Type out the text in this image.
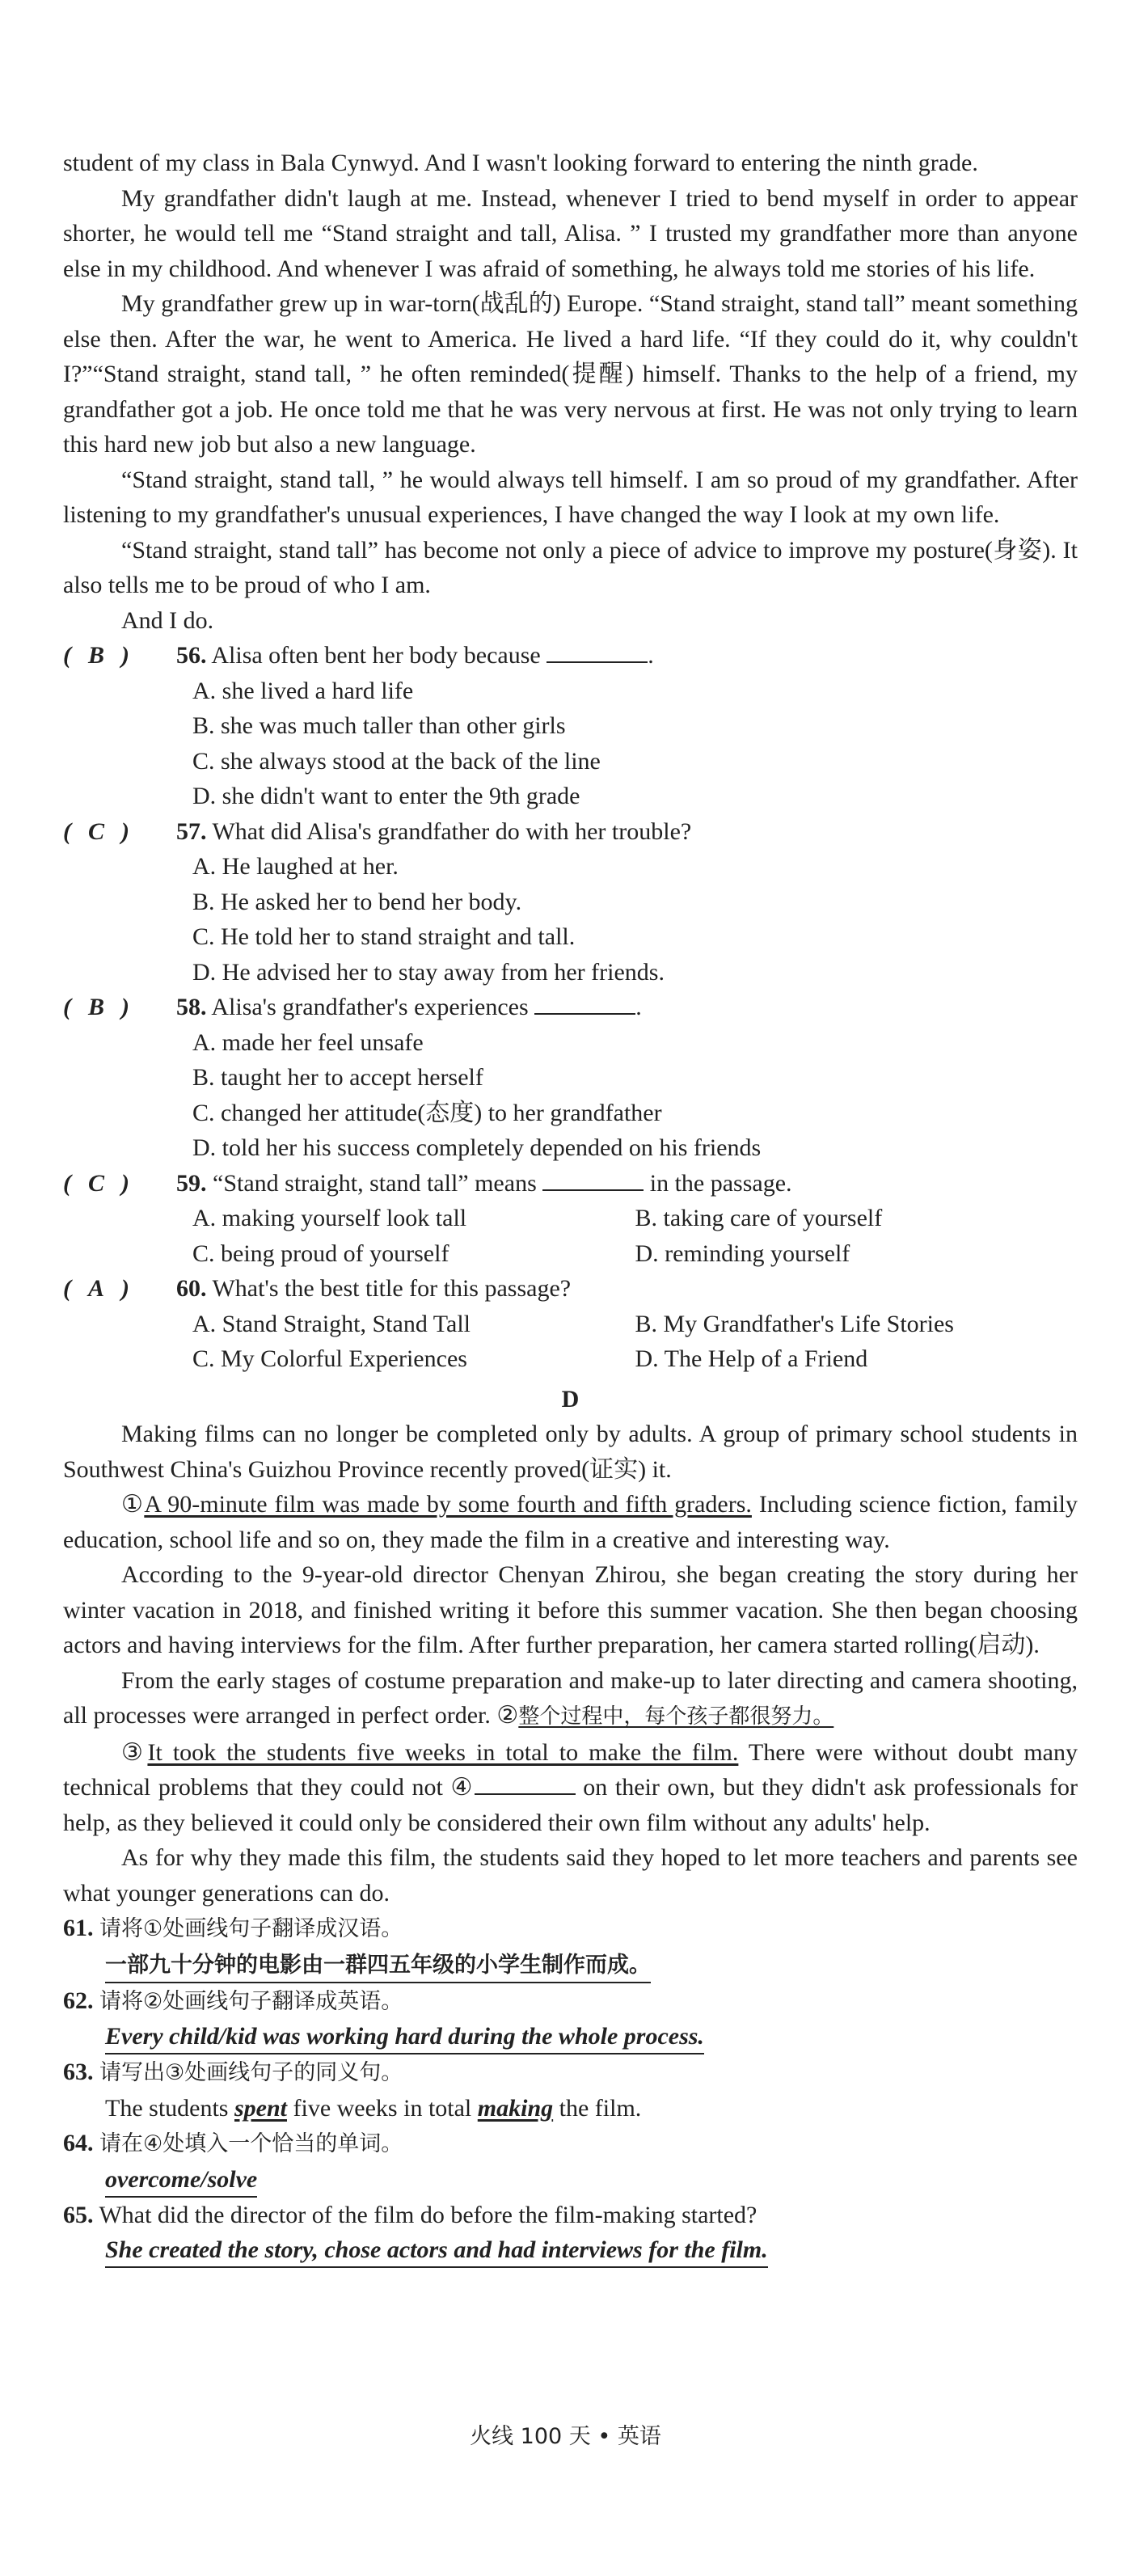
student of my class in Bala Cynwyd. And I wasn't looking forward to entering the ninth grade.

My grandfather didn't laugh at me. Instead, whenever I tried to bend myself in order to appear shorter, he would tell me “Stand straight and tall, Alisa. ” I trusted my grandfather more than anyone else in my childhood. And whenever I was afraid of something, he always told me stories of his life.

My grandfather grew up in war-torn(战乱的) Europe. “Stand straight, stand tall” meant something else then. After the war, he went to America. He lived a hard life. “If they could do it, why couldn't I?”“Stand straight, stand tall, ” he often reminded(提醒) himself. Thanks to the help of a friend, my grandfather got a job. He once told me that he was very nervous at first. He was not only trying to learn this hard new job but also a new language.

“Stand straight, stand tall, ” he would always tell himself. I am so proud of my grandfather. After listening to my grandfather's unusual experiences, I have changed the way I look at my own life.

“Stand straight, stand tall” has become not only a piece of advice to improve my posture(身姿). It also tells me to be proud of who I am.

And I do.

( B )	56. Alisa often bent her body because	.
A. she lived a hard life
B. she was much taller than other girls
C. she always stood at the back of the line
D. she didn't want to enter the 9th grade
( C )	57. What did Alisa's grandfather do with her trouble?
A. He laughed at her.
B. He asked her to bend her body.
C. He told her to stand straight and tall.
D. He advised her to stay away from her friends.
( B )	58. Alisa's grandfather's experiences	.
A. made her feel unsafe
B. taught her to accept herself
C. changed her attitude(态度) to her grandfather
D. told her his success completely depended on his friends
( C )	59. “Stand straight, stand tall” means	in the passage.
A. making yourself look tall	B. taking care of yourself
C. being proud of yourself	D. reminding yourself
( A )	60. What's the best title for this passage?
A. Stand Straight, Stand Tall	B. My Grandfather's Life Stories
C. My Colorful Experiences	D. The Help of a Friend

D

Making films can no longer be completed only by adults. A group of primary school students in Southwest China's Guizhou Province recently proved(证实) it.

①A 90-minute film was made by some fourth and fifth graders. Including science fiction, family education, school life and so on, they made the film in a creative and interesting way.

According to the 9-year-old director Chenyan Zhirou, she began creating the story during her winter vacation in 2018, and finished writing it before this summer vacation. She then began choosing actors and having interviews for the film. After further preparation, her camera started rolling(启动).

From the early stages of costume preparation and make-up to later directing and camera shooting, all processes were arranged in perfect order. ②整个过程中，每个孩子都很努力。

③It took the students five weeks in total to make the film. There were without doubt many technical problems that they could not ④	on their own, but they didn't ask professionals for help, as they believed it could only be considered their own film without any adults' help.

As for why they made this film, the students said they hoped to let more teachers and parents see what younger generations can do.

61. 请将①处画线句子翻译成汉语。
一部九十分钟的电影由一群四五年级的小学生制作而成。
62. 请将②处画线句子翻译成英语。
Every child/kid was working hard during the whole process.
63. 请写出③处画线句子的同义句。
The students spent five weeks in total making the film.
64. 请在④处填入一个恰当的单词。
overcome/solve
65. What did the director of the film do before the film-making started?
She created the story, chose actors and had interviews for the film.
火线 100 天 • 英语
